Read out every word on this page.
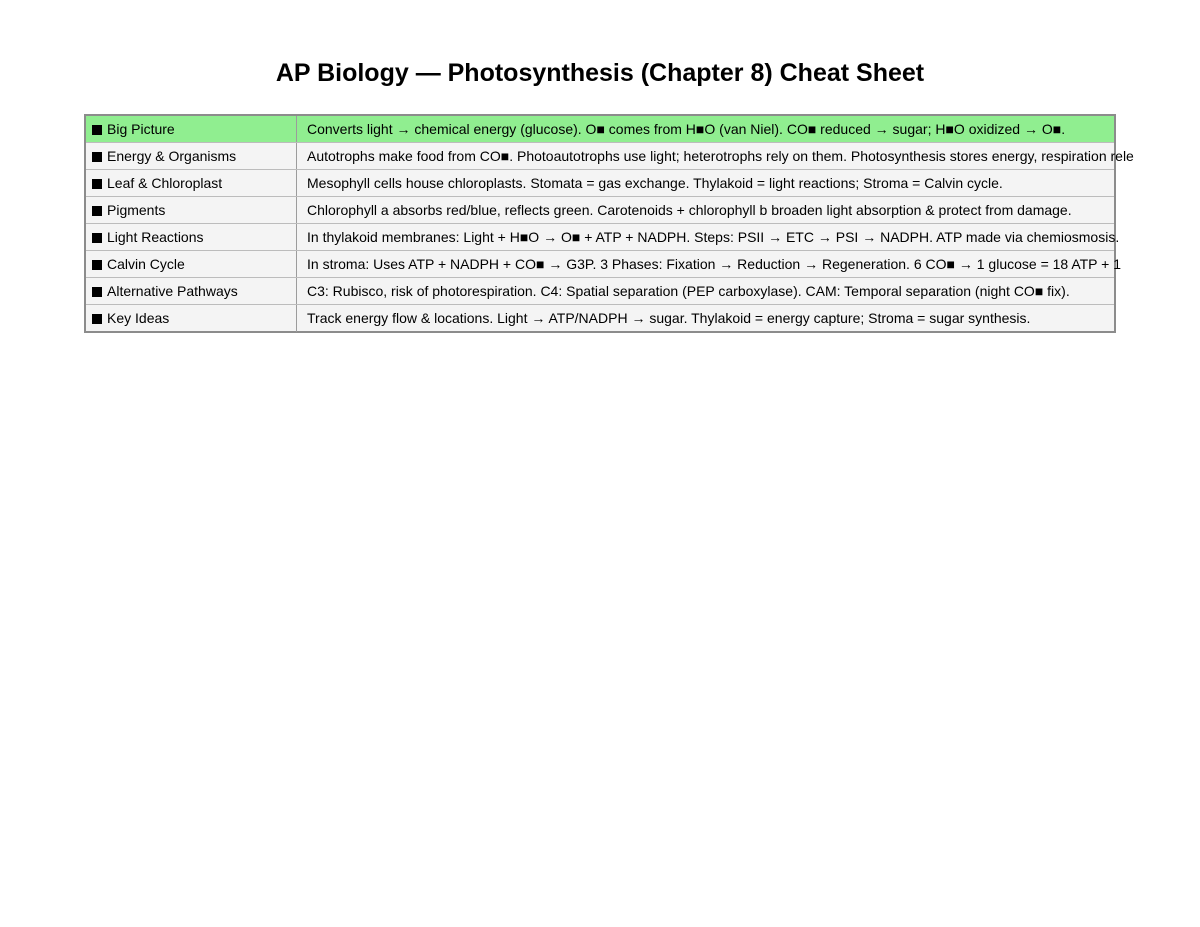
AP Biology — Photosynthesis (Chapter 8) Cheat Sheet
Big Picture	Converts light → chemical energy (glucose). O■ comes from H■O (van Niel). CO■ reduced → sugar; H■O oxidized → O■.
Energy & Organisms	Autotrophs make food from CO■. Photoautotrophs use light; heterotrophs rely on them. Photosynthesis stores energy, respiration rele
Leaf & Chloroplast	Mesophyll cells house chloroplasts. Stomata = gas exchange. Thylakoid = light reactions; Stroma = Calvin cycle.
Pigments	Chlorophyll a absorbs red/blue, reflects green. Carotenoids + chlorophyll b broaden light absorption & protect from damage.
Light Reactions	In thylakoid membranes: Light + H■O → O■ + ATP + NADPH. Steps: PSII → ETC → PSI → NADPH. ATP made via chemiosmosis.
Calvin Cycle	In stroma: Uses ATP + NADPH + CO■ → G3P. 3 Phases: Fixation → Reduction → Regeneration. 6 CO■ → 1 glucose = 18 ATP + 1
Alternative Pathways	C3: Rubisco, risk of photorespiration. C4: Spatial separation (PEP carboxylase). CAM: Temporal separation (night CO■ fix).
Key Ideas	Track energy flow & locations. Light → ATP/NADPH → sugar. Thylakoid = energy capture; Stroma = sugar synthesis.
